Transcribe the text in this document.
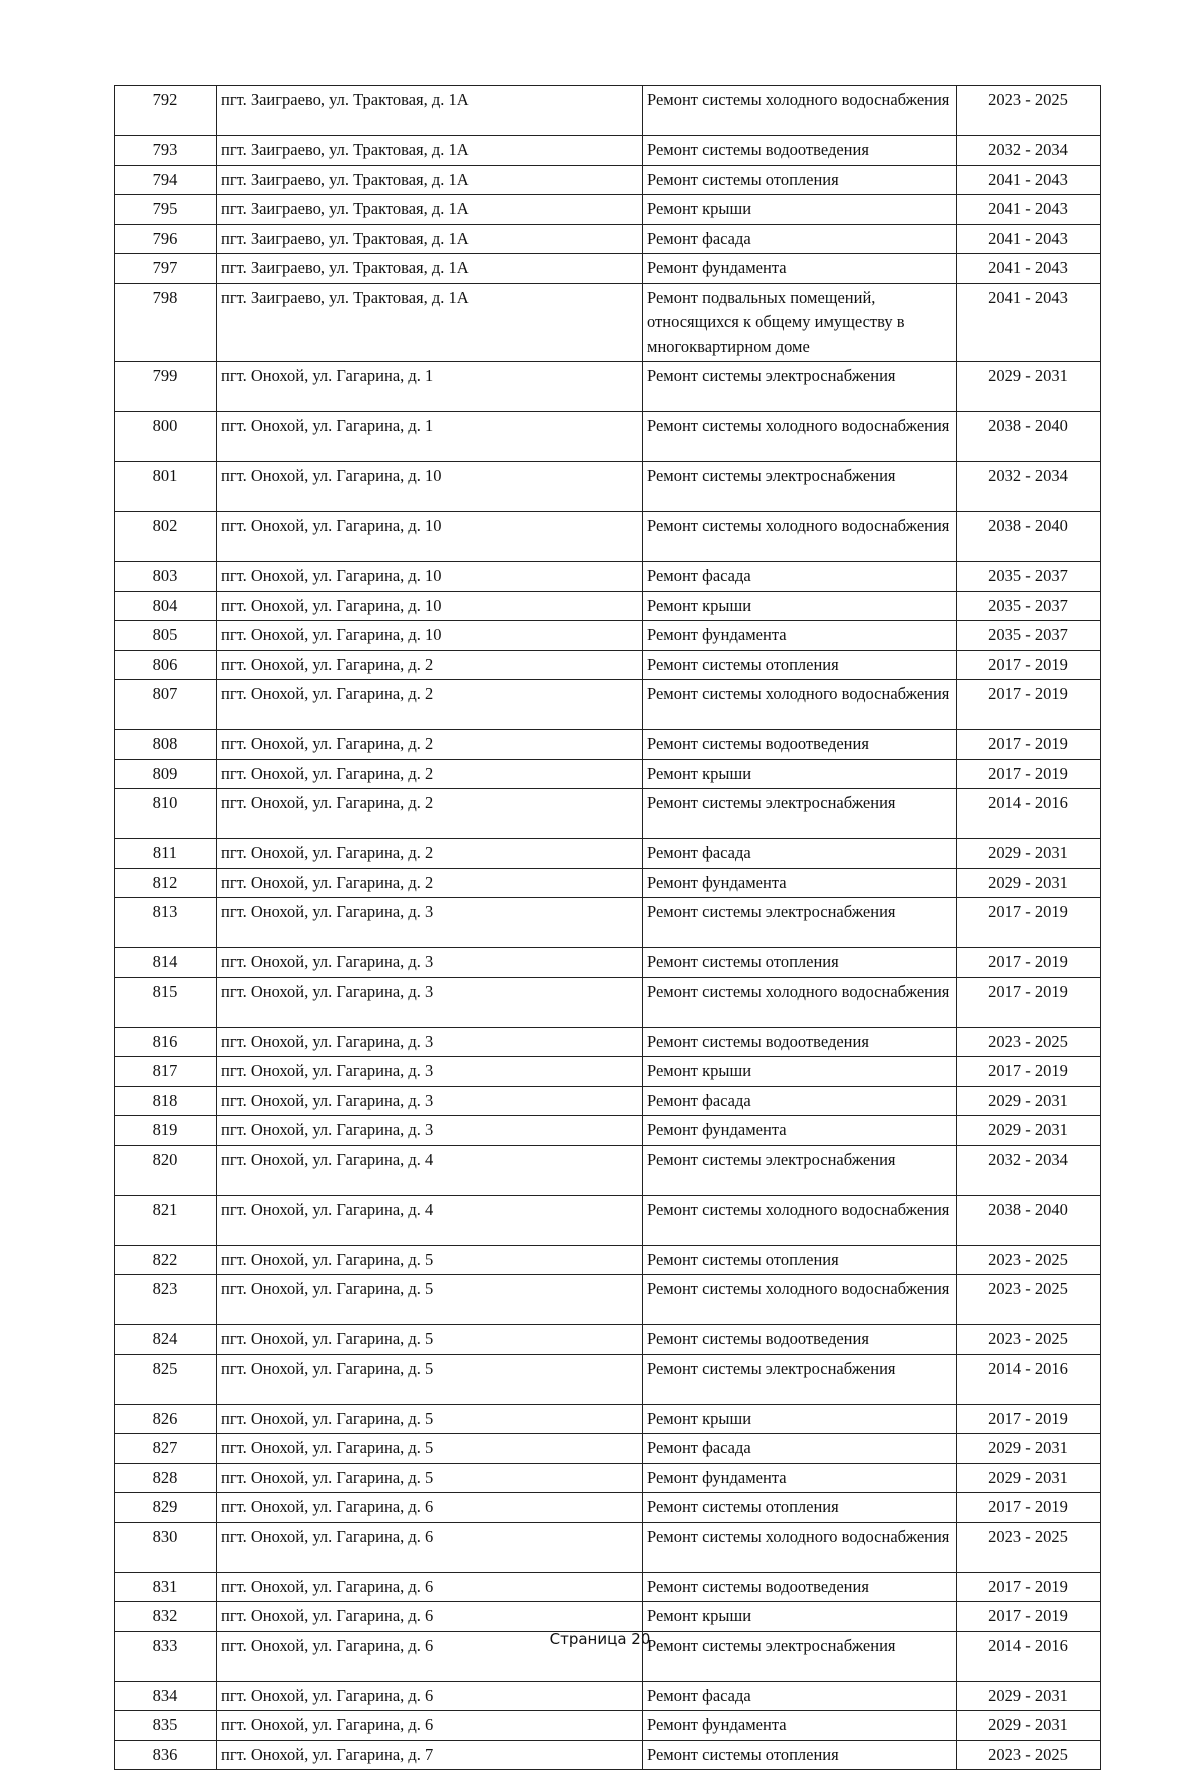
792	пгт. Заиграево, ул. Трактовая, д. 1А	Ремонт системы холодного водоснабжения	2023 - 2025
793	пгт. Заиграево, ул. Трактовая, д. 1А	Ремонт системы водоотведения	2032 - 2034
794	пгт. Заиграево, ул. Трактовая, д. 1А	Ремонт системы отопления	2041 - 2043
795	пгт. Заиграево, ул. Трактовая, д. 1А	Ремонт крыши	2041 - 2043
796	пгт. Заиграево, ул. Трактовая, д. 1А	Ремонт фасада	2041 - 2043
797	пгт. Заиграево, ул. Трактовая, д. 1А	Ремонт фундамента	2041 - 2043
798	пгт. Заиграево, ул. Трактовая, д. 1А	Ремонт подвальных помещений, относящихся к общему имуществу в многоквартирном доме	2041 - 2043
799	пгт. Онохой, ул. Гагарина, д. 1	Ремонт системы электроснабжения	2029 - 2031
800	пгт. Онохой, ул. Гагарина, д. 1	Ремонт системы холодного водоснабжения	2038 - 2040
801	пгт. Онохой, ул. Гагарина, д. 10	Ремонт системы электроснабжения	2032 - 2034
802	пгт. Онохой, ул. Гагарина, д. 10	Ремонт системы холодного водоснабжения	2038 - 2040
803	пгт. Онохой, ул. Гагарина, д. 10	Ремонт фасада	2035 - 2037
804	пгт. Онохой, ул. Гагарина, д. 10	Ремонт крыши	2035 - 2037
805	пгт. Онохой, ул. Гагарина, д. 10	Ремонт фундамента	2035 - 2037
806	пгт. Онохой, ул. Гагарина, д. 2	Ремонт системы отопления	2017 - 2019
807	пгт. Онохой, ул. Гагарина, д. 2	Ремонт системы холодного водоснабжения	2017 - 2019
808	пгт. Онохой, ул. Гагарина, д. 2	Ремонт системы водоотведения	2017 - 2019
809	пгт. Онохой, ул. Гагарина, д. 2	Ремонт крыши	2017 - 2019
810	пгт. Онохой, ул. Гагарина, д. 2	Ремонт системы электроснабжения	2014 - 2016
811	пгт. Онохой, ул. Гагарина, д. 2	Ремонт фасада	2029 - 2031
812	пгт. Онохой, ул. Гагарина, д. 2	Ремонт фундамента	2029 - 2031
813	пгт. Онохой, ул. Гагарина, д. 3	Ремонт системы электроснабжения	2017 - 2019
814	пгт. Онохой, ул. Гагарина, д. 3	Ремонт системы отопления	2017 - 2019
815	пгт. Онохой, ул. Гагарина, д. 3	Ремонт системы холодного водоснабжения	2017 - 2019
816	пгт. Онохой, ул. Гагарина, д. 3	Ремонт системы водоотведения	2023 - 2025
817	пгт. Онохой, ул. Гагарина, д. 3	Ремонт крыши	2017 - 2019
818	пгт. Онохой, ул. Гагарина, д. 3	Ремонт фасада	2029 - 2031
819	пгт. Онохой, ул. Гагарина, д. 3	Ремонт фундамента	2029 - 2031
820	пгт. Онохой, ул. Гагарина, д. 4	Ремонт системы электроснабжения	2032 - 2034
821	пгт. Онохой, ул. Гагарина, д. 4	Ремонт системы холодного водоснабжения	2038 - 2040
822	пгт. Онохой, ул. Гагарина, д. 5	Ремонт системы отопления	2023 - 2025
823	пгт. Онохой, ул. Гагарина, д. 5	Ремонт системы холодного водоснабжения	2023 - 2025
824	пгт. Онохой, ул. Гагарина, д. 5	Ремонт системы водоотведения	2023 - 2025
825	пгт. Онохой, ул. Гагарина, д. 5	Ремонт системы электроснабжения	2014 - 2016
826	пгт. Онохой, ул. Гагарина, д. 5	Ремонт крыши	2017 - 2019
827	пгт. Онохой, ул. Гагарина, д. 5	Ремонт фасада	2029 - 2031
828	пгт. Онохой, ул. Гагарина, д. 5	Ремонт фундамента	2029 - 2031
829	пгт. Онохой, ул. Гагарина, д. 6	Ремонт системы отопления	2017 - 2019
830	пгт. Онохой, ул. Гагарина, д. 6	Ремонт системы холодного водоснабжения	2023 - 2025
831	пгт. Онохой, ул. Гагарина, д. 6	Ремонт системы водоотведения	2017 - 2019
832	пгт. Онохой, ул. Гагарина, д. 6	Ремонт крыши	2017 - 2019
833	пгт. Онохой, ул. Гагарина, д. 6	Ремонт системы электроснабжения	2014 - 2016
834	пгт. Онохой, ул. Гагарина, д. 6	Ремонт фасада	2029 - 2031
835	пгт. Онохой, ул. Гагарина, д. 6	Ремонт фундамента	2029 - 2031
836	пгт. Онохой, ул. Гагарина, д. 7	Ремонт системы отопления	2023 - 2025
Страница 20
